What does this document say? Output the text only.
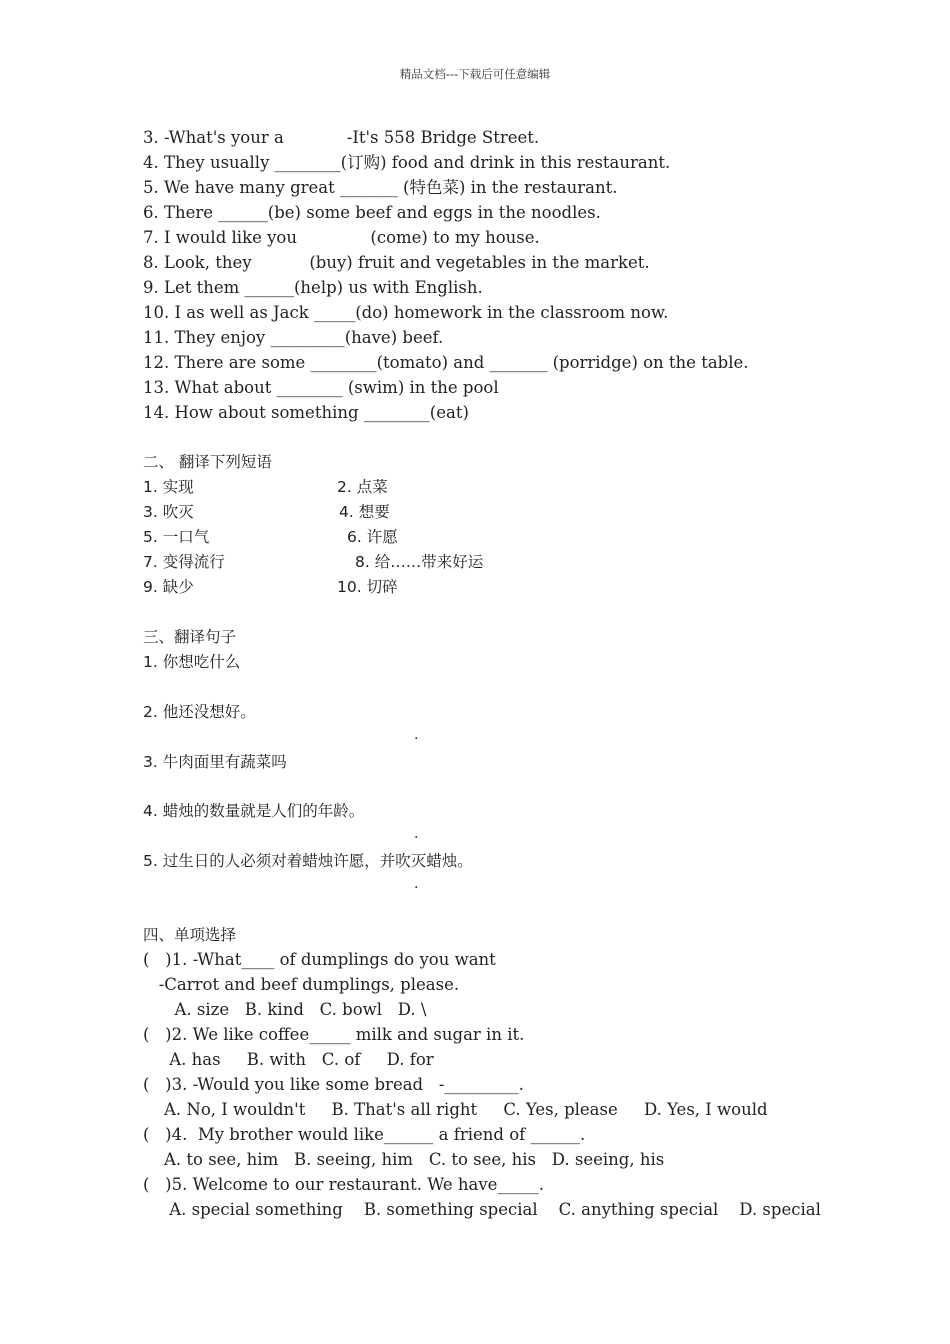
精品文档---下载后可任意编辑
3. -What's your a            -It's 558 Bridge Street.
4. They usually ________(订购) food and drink in this restaurant.
5. We have many great _______ (特色菜) in the restaurant.
6. There ______(be) some beef and eggs in the noodles.
7. I would like you              (come) to my house.
8. Look, they           (buy) fruit and vegetables in the market.
9. Let them ______(help) us with English.
10. I as well as Jack _____(do) homework in the classroom now.
11. They enjoy _________(have) beef.
12. There are some ________(tomato) and _______ (porridge) on the table.
13. What about ________ (swim) in the pool
14. How about something ________(eat)
二、 翻译下列短语
1. 实现	2. 点菜
3. 吹灭	4. 想要
5. 一口气	6. 许愿
7. 变得流行	8. 给……带来好运
9. 缺少	10. 切碎
三、翻译句子
1. 你想吃什么
2. 他还没想好。
.
3. 牛肉面里有蔬菜吗
4. 蜡烛的数量就是人们的年龄。
.
5. 过生日的人必须对着蜡烛许愿，并吹灭蜡烛。
.
四、单项选择
(   )1. -What____ of dumplings do you want
-Carrot and beef dumplings, please.
A. size   B. kind   C. bowl   D. \
(   )2. We like coffee_____ milk and sugar in it.
A. has     B. with   C. of     D. for
(   )3. -Would you like some bread   -_________.
A. No, I wouldn't     B. That's all right     C. Yes, please     D. Yes, I would
(   )4.  My brother would like______ a friend of ______.
A. to see, him   B. seeing, him   C. to see, his   D. seeing, his
(   )5. Welcome to our restaurant. We have_____.
A. special something    B. something special    C. anything special    D. special
